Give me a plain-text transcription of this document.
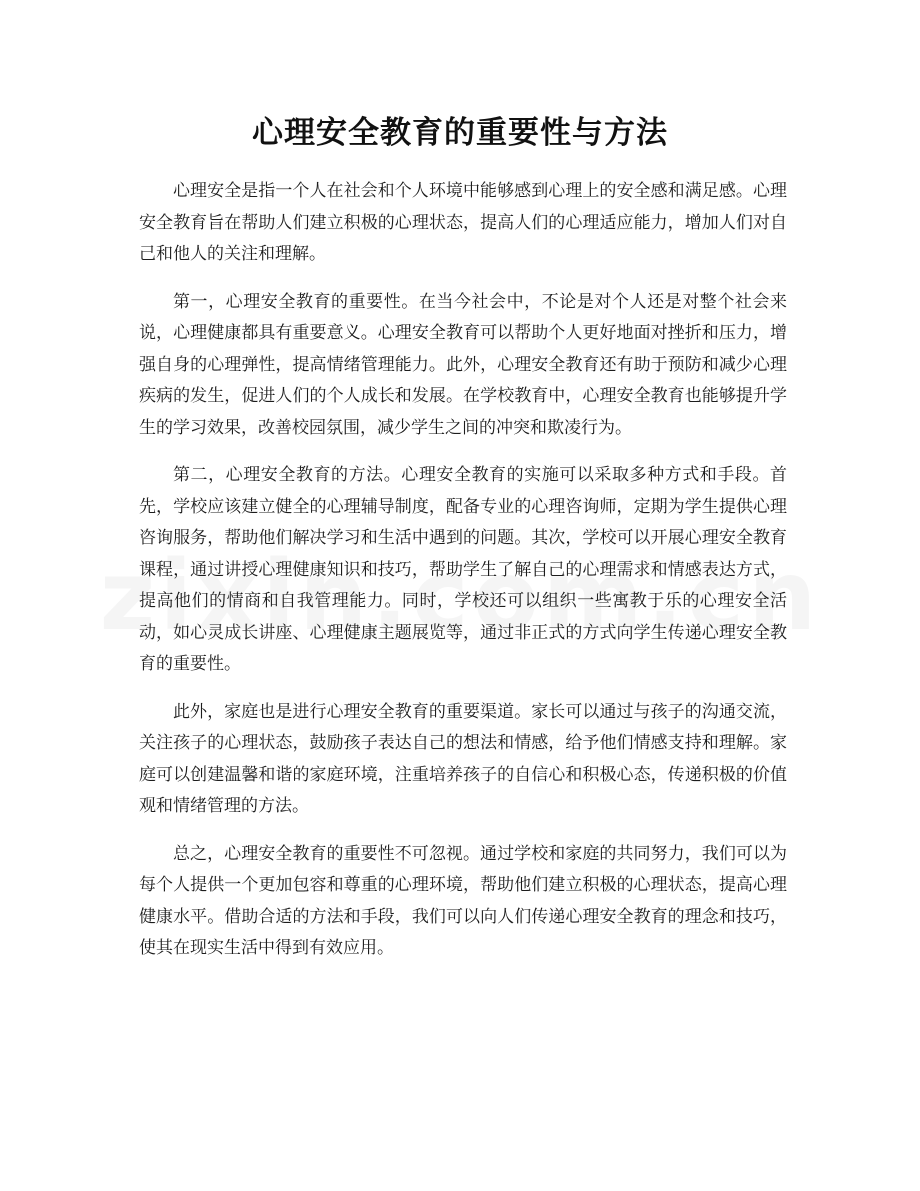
心理安全教育的重要性与方法

心理安全是指一个人在社会和个人环境中能够感到心理上的安全感和满足感。心理安全教育旨在帮助人们建立积极的心理状态，提高人们的心理适应能力，增加人们对自己和他人的关注和理解。

第一，心理安全教育的重要性。在当今社会中，不论是对个人还是对整个社会来说，心理健康都具有重要意义。心理安全教育可以帮助个人更好地面对挫折和压力，增强自身的心理弹性，提高情绪管理能力。此外，心理安全教育还有助于预防和减少心理疾病的发生，促进人们的个人成长和发展。在学校教育中，心理安全教育也能够提升学生的学习效果，改善校园氛围，减少学生之间的冲突和欺凌行为。

第二，心理安全教育的方法。心理安全教育的实施可以采取多种方式和手段。首先，学校应该建立健全的心理辅导制度，配备专业的心理咨询师，定期为学生提供心理咨询服务，帮助他们解决学习和生活中遇到的问题。其次，学校可以开展心理安全教育课程，通过讲授心理健康知识和技巧，帮助学生了解自己的心理需求和情感表达方式，提高他们的情商和自我管理能力。同时，学校还可以组织一些寓教于乐的心理安全活动，如心灵成长讲座、心理健康主题展览等，通过非正式的方式向学生传递心理安全教育的重要性。

此外，家庭也是进行心理安全教育的重要渠道。家长可以通过与孩子的沟通交流，关注孩子的心理状态，鼓励孩子表达自己的想法和情感，给予他们情感支持和理解。家庭可以创建温馨和谐的家庭环境，注重培养孩子的自信心和积极心态，传递积极的价值观和情绪管理的方法。

总之，心理安全教育的重要性不可忽视。通过学校和家庭的共同努力，我们可以为每个人提供一个更加包容和尊重的心理环境，帮助他们建立积极的心理状态，提高心理健康水平。借助合适的方法和手段，我们可以向人们传递心理安全教育的理念和技巧，使其在现实生活中得到有效应用。
